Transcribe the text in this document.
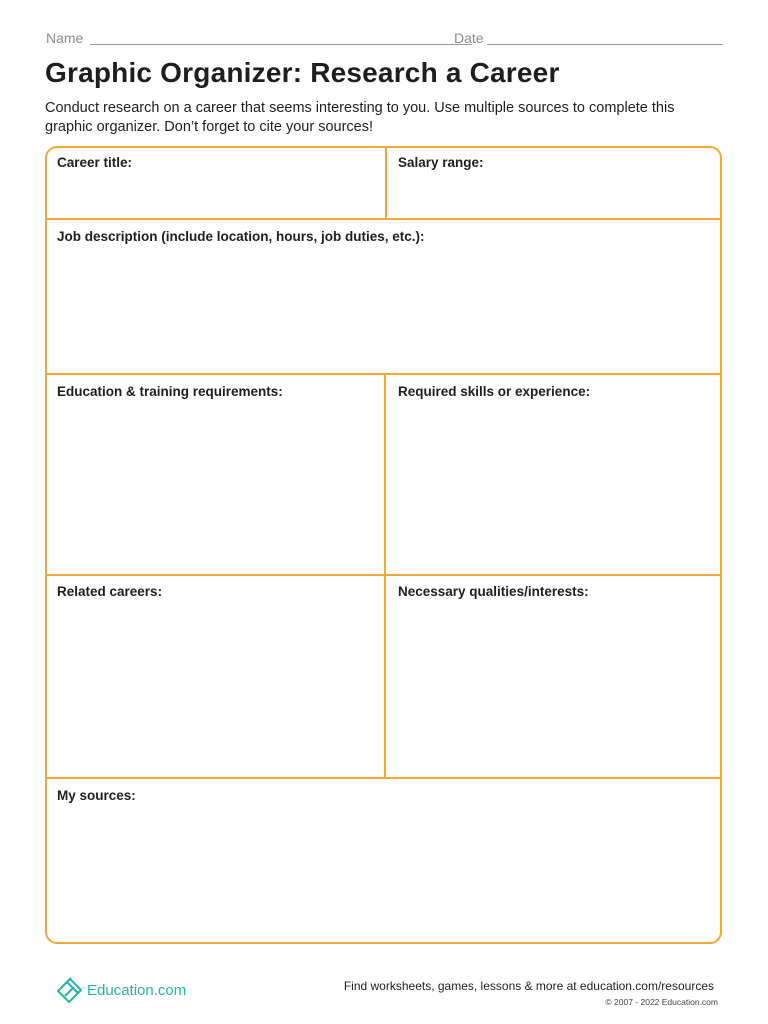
Name	Date
Graphic Organizer: Research a Career

Conduct research on a career that seems interesting to you. Use multiple sources to complete this graphic organizer. Don’t forget to cite your sources!

Career title:	Salary range:
Job description (include location, hours, job duties, etc.):
Education & training requirements:	Required skills or experience:
Related careers:	Necessary qualities/interests:
My sources:
Education.com	Find worksheets, games, lessons & more at education.com/resources
© 2007 - 2022 Education.com
